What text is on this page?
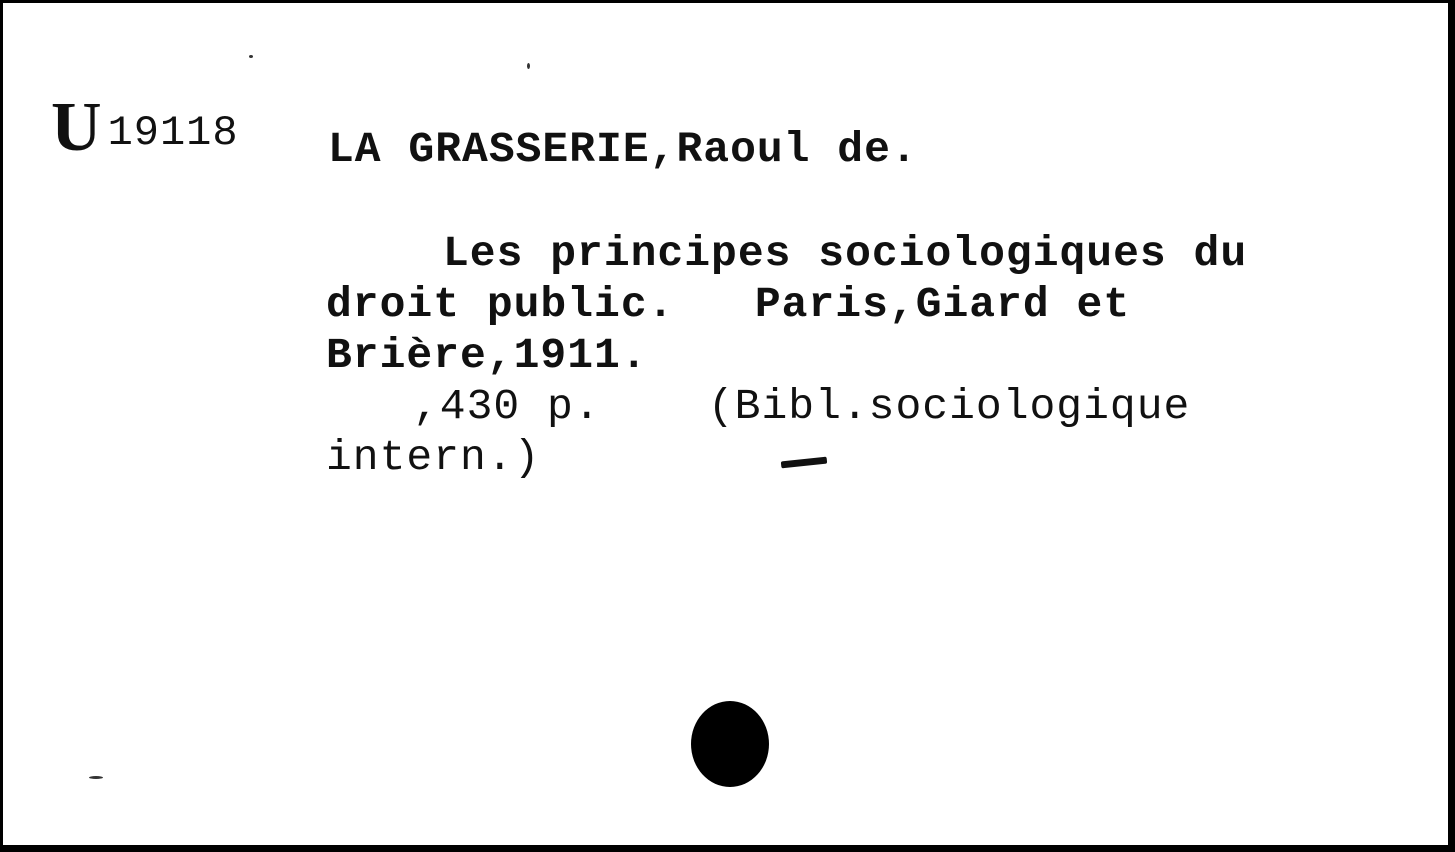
U 19118 LA GRASSERIE,Raoul de.
Les principes sociologiques du
droit public.   Paris,Giard et
Brière,1911.
,430 p.    (Bibl.sociologique
intern.)
